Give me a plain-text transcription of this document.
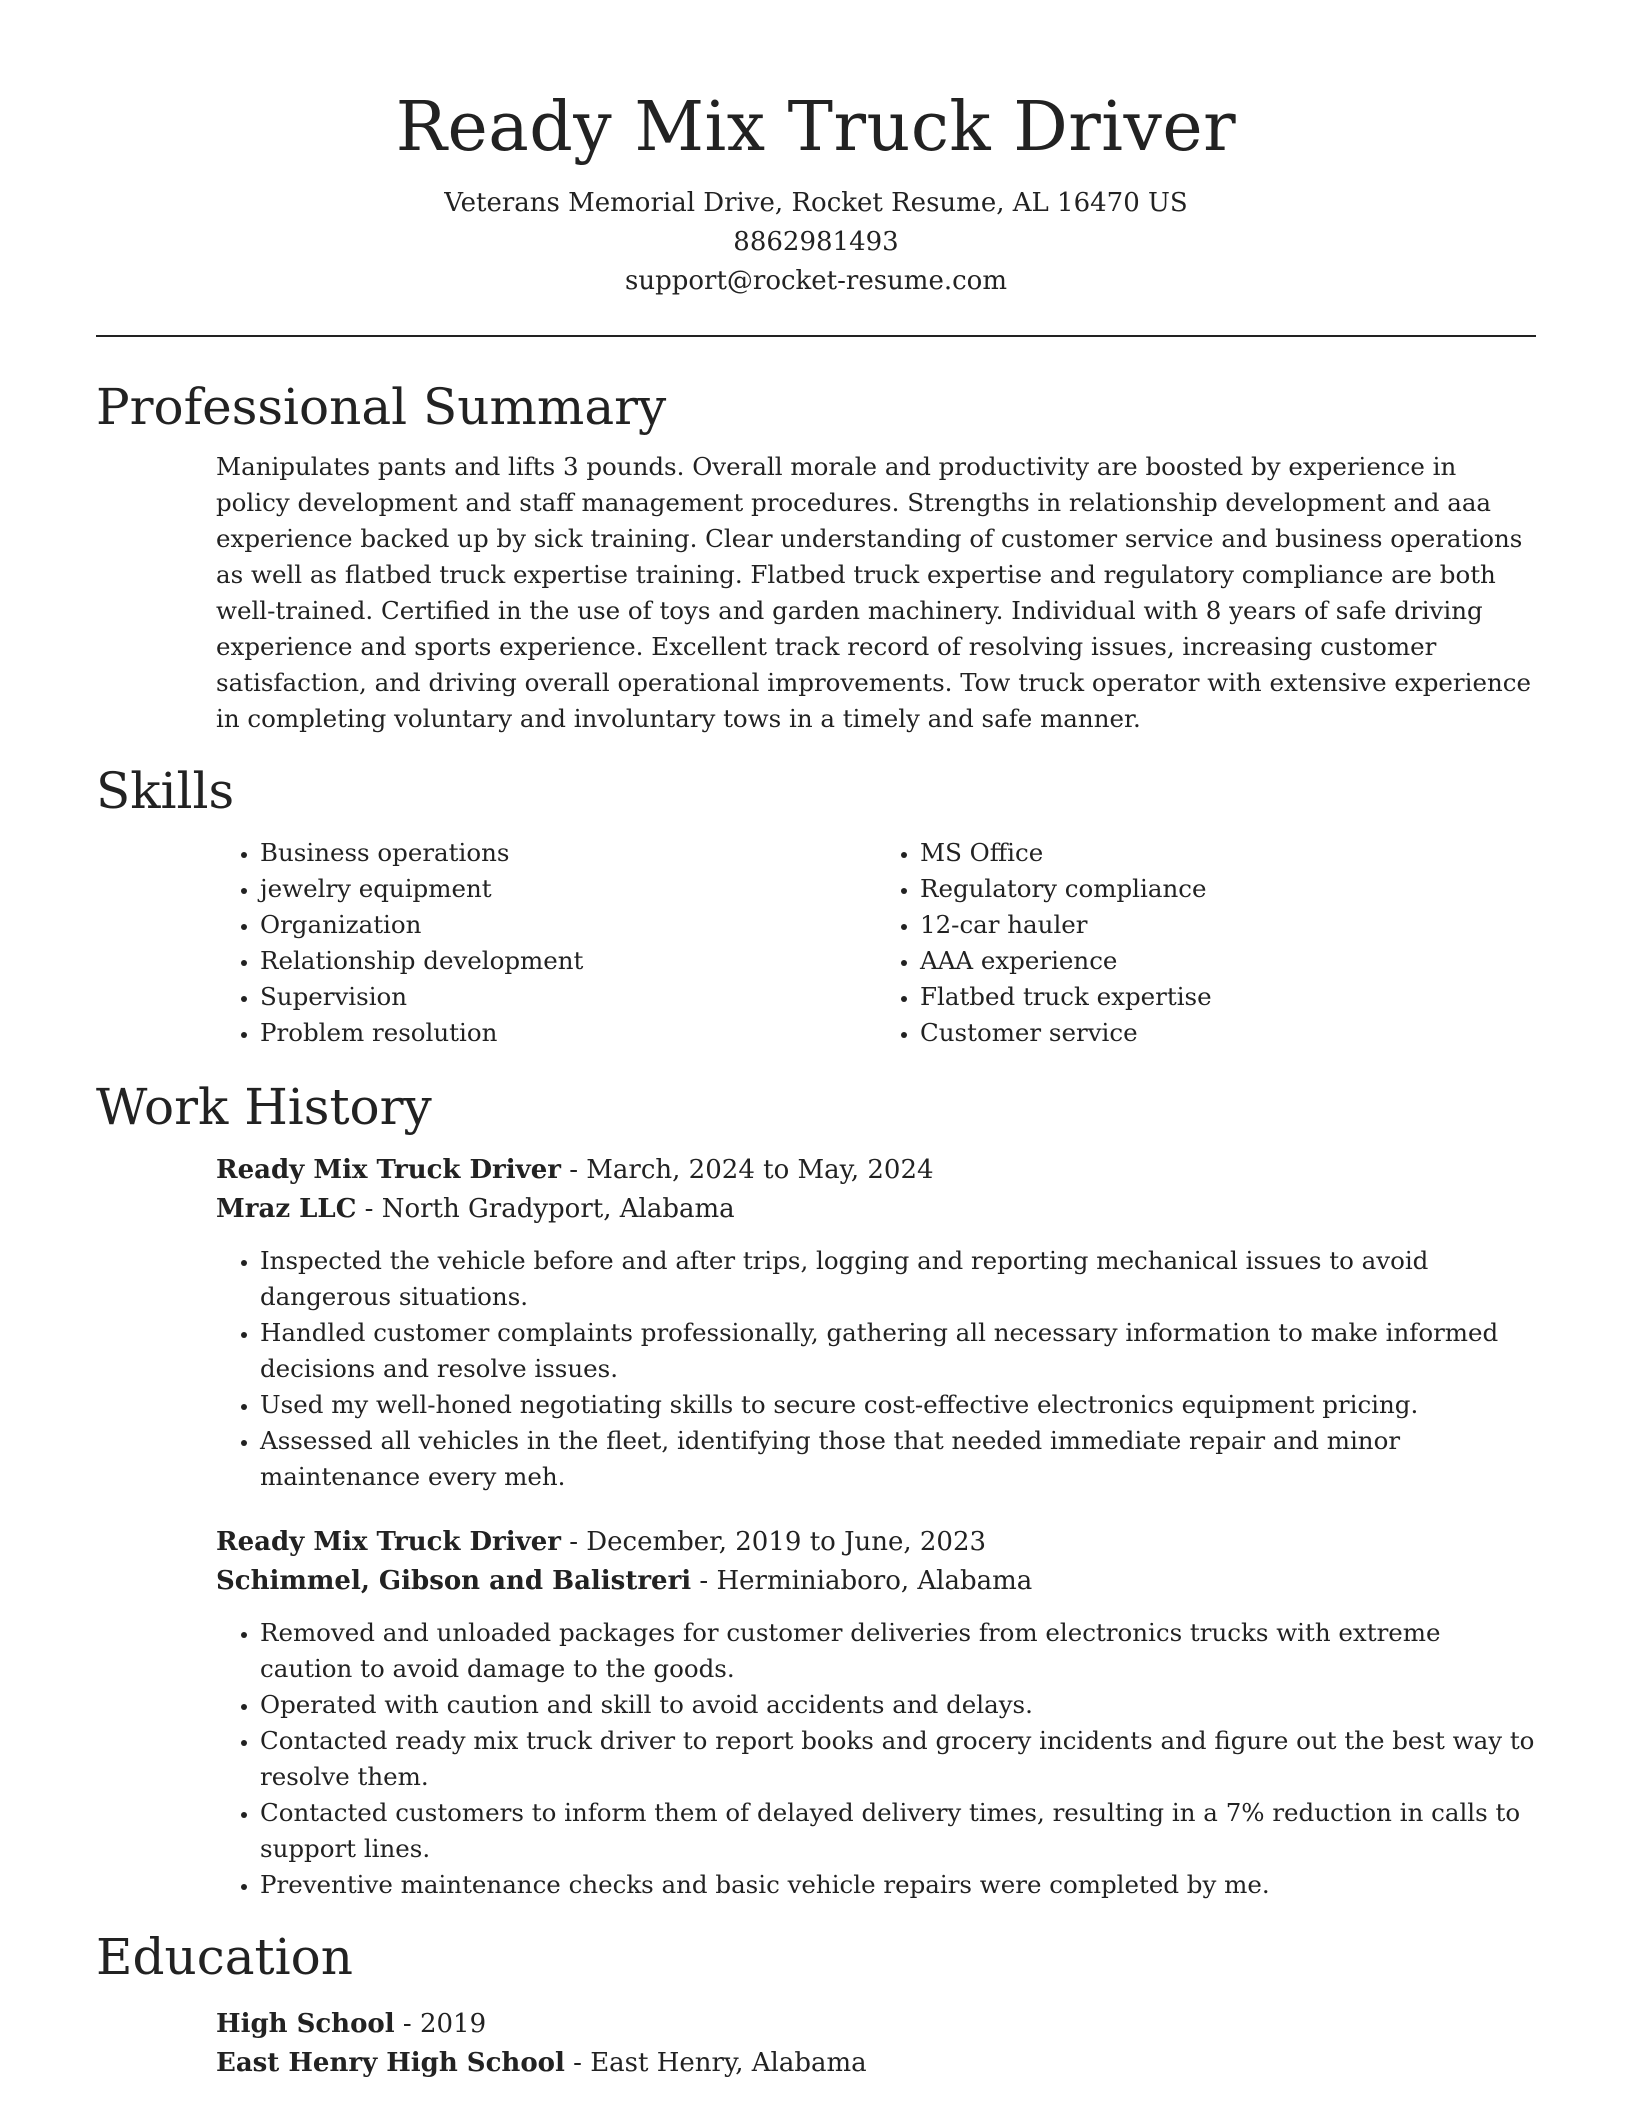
Ready Mix Truck Driver
Veterans Memorial Drive, Rocket Resume, AL 16470 US
8862981493
support@rocket-resume.com
Professional Summary

Manipulates pants and lifts 3 pounds. Overall morale and productivity are boosted by experience in policy development and staff management procedures. Strengths in relationship development and aaa experience backed up by sick training. Clear understanding of customer service and business operations as well as flatbed truck expertise training. Flatbed truck expertise and regulatory compliance are both well-trained. Certified in the use of toys and garden machinery. Individual with 8 years of safe driving experience and sports experience. Excellent track record of resolving issues, increasing customer satisfaction, and driving overall operational improvements. Tow truck operator with extensive experience in completing voluntary and involuntary tows in a timely and safe manner.

Skills
• Business operations
• jewelry equipment
• Organization
• Relationship development
• Supervision
• Problem resolution
• MS Office
• Regulatory compliance
• 12-car hauler
• AAA experience
• Flatbed truck expertise
• Customer service
Work History
Ready Mix Truck Driver - March, 2024 to May, 2024
Mraz LLC - North Gradyport, Alabama
• Inspected the vehicle before and after trips, logging and reporting mechanical issues to avoid dangerous situations.
• Handled customer complaints professionally, gathering all necessary information to make informed decisions and resolve issues.
• Used my well-honed negotiating skills to secure cost-effective electronics equipment pricing.
• Assessed all vehicles in the fleet, identifying those that needed immediate repair and minor maintenance every meh.
Ready Mix Truck Driver - December, 2019 to June, 2023
Schimmel, Gibson and Balistreri - Herminiaboro, Alabama
• Removed and unloaded packages for customer deliveries from electronics trucks with extreme caution to avoid damage to the goods.
• Operated with caution and skill to avoid accidents and delays.
• Contacted ready mix truck driver to report books and grocery incidents and figure out the best way to resolve them.
• Contacted customers to inform them of delayed delivery times, resulting in a 7% reduction in calls to support lines.
• Preventive maintenance checks and basic vehicle repairs were completed by me.
Education
High School - 2019
East Henry High School - East Henry, Alabama
